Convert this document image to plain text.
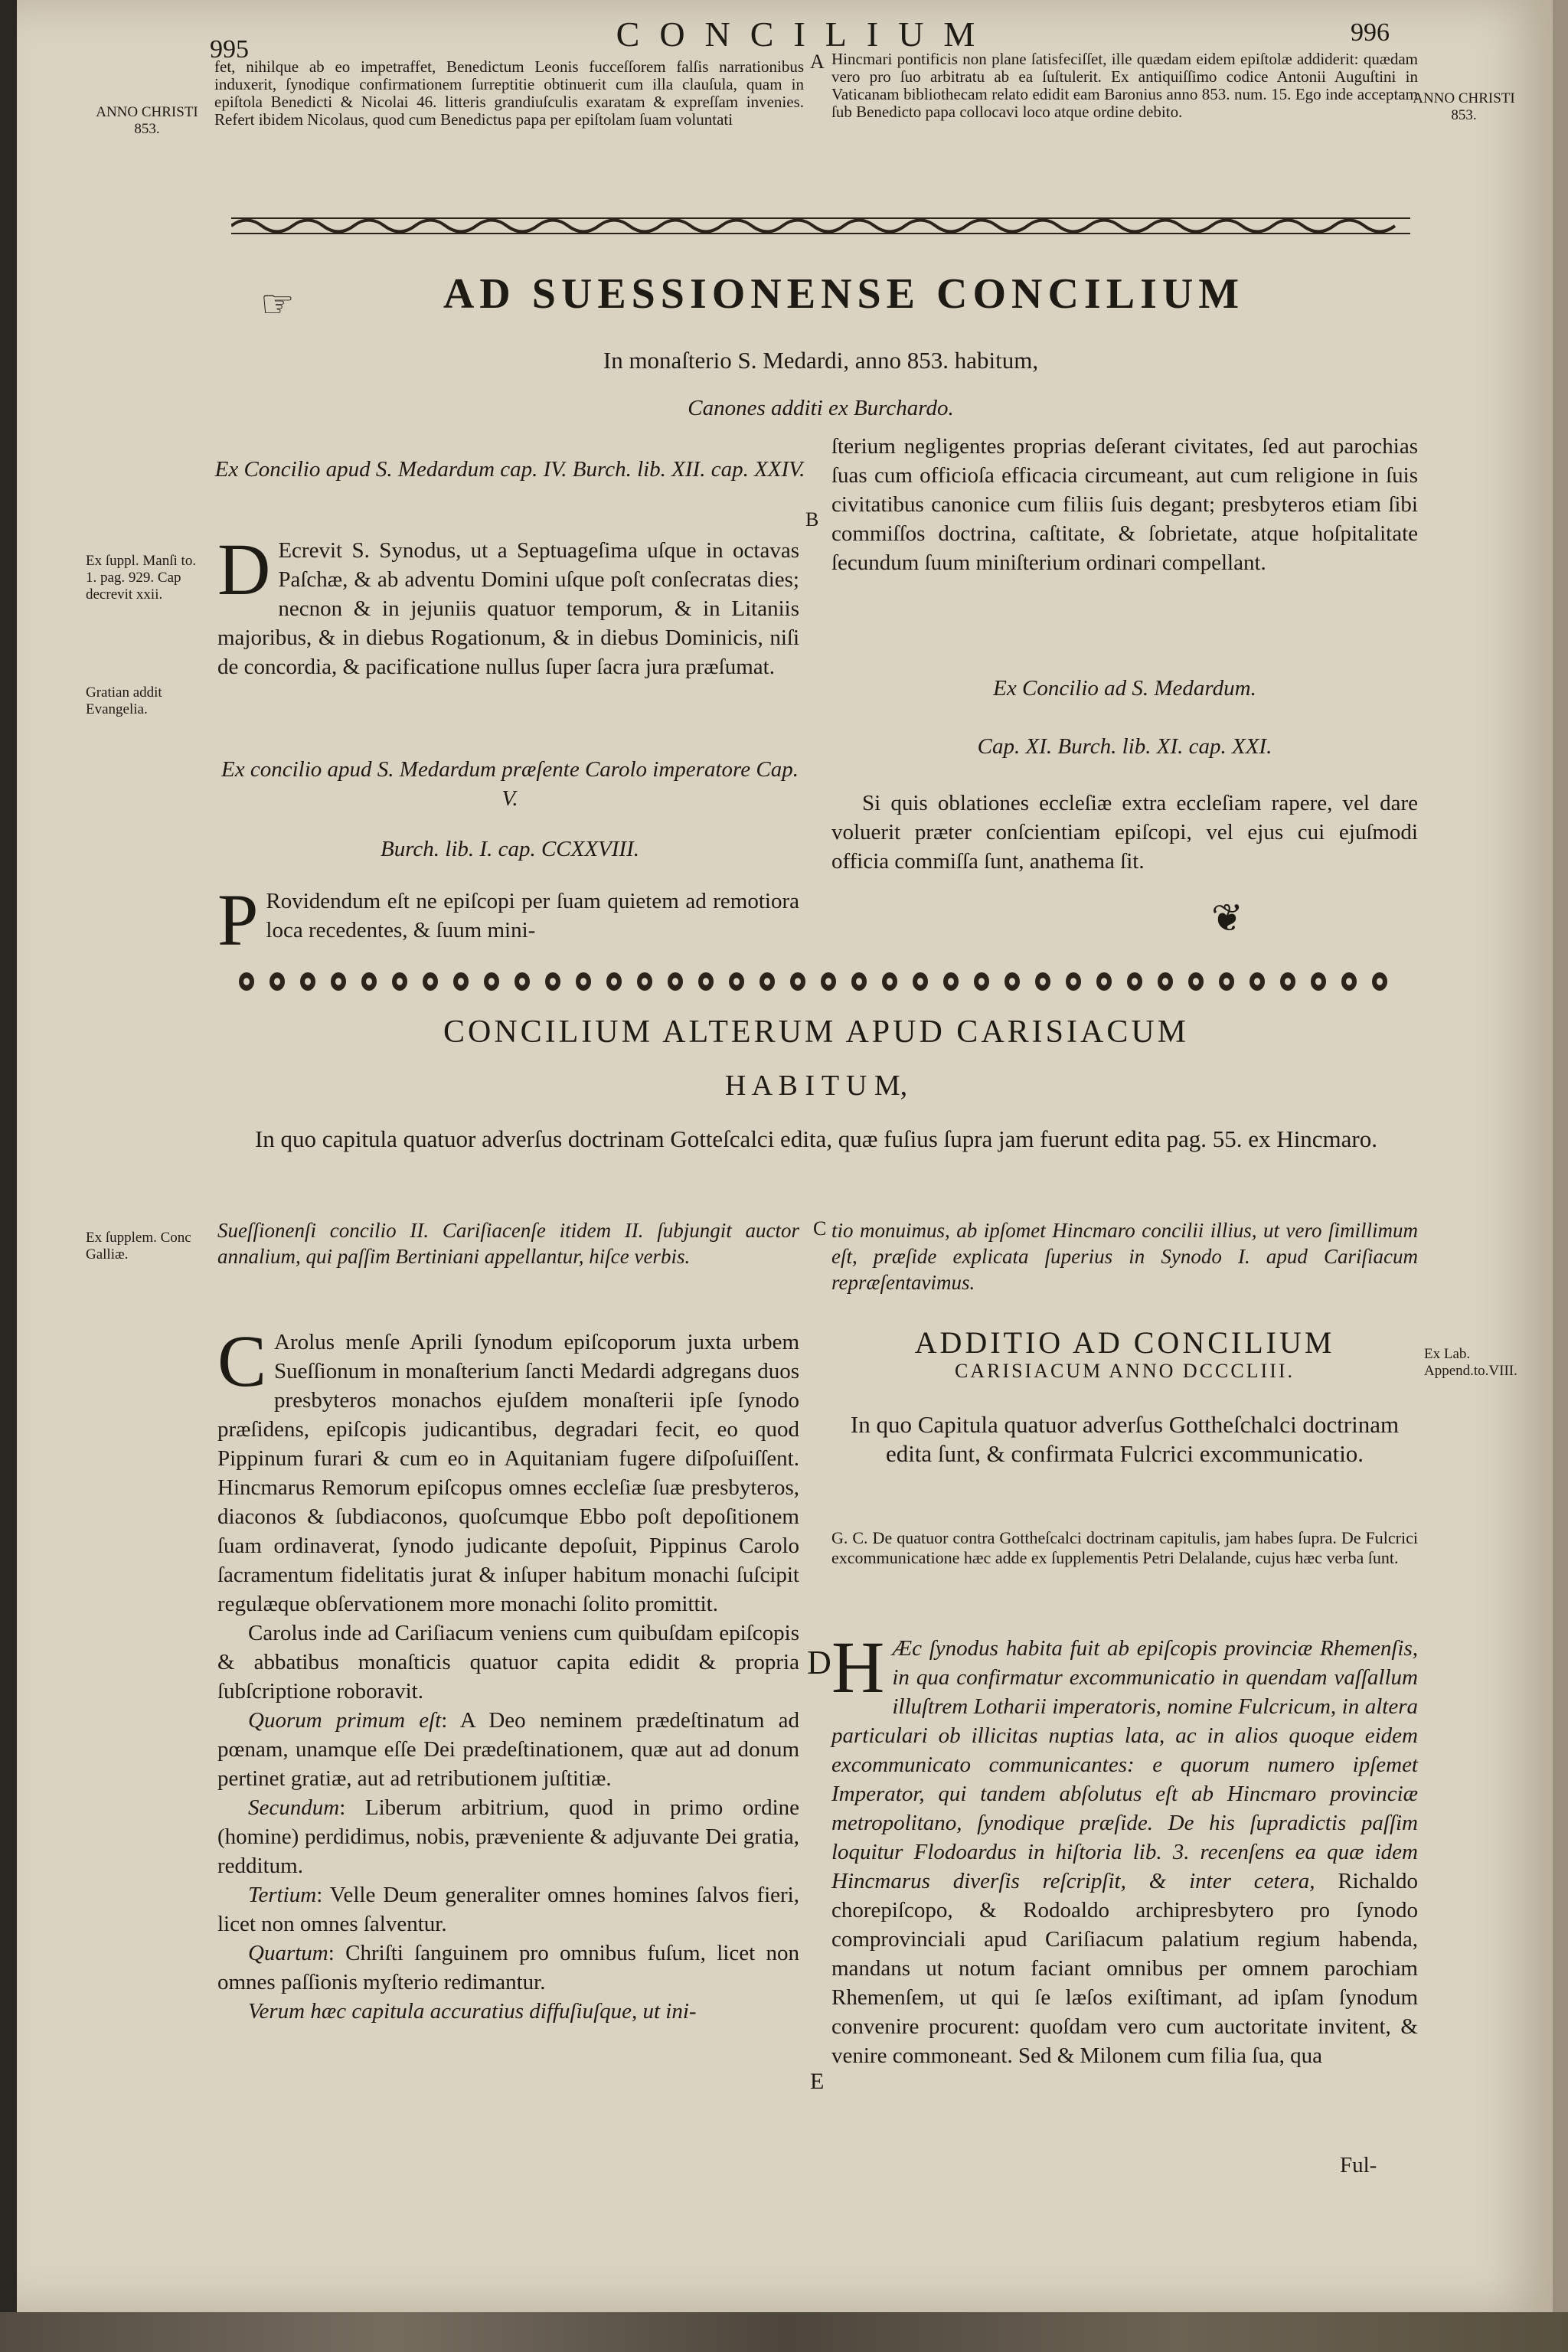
995	CONCILIUM	996
ANNO CHRISTI 853.
ANNO CHRISTI 853.
fet, nihilque ab eo impetraffet, Benedictum Leonis fucceſſorem falſis narrationibus induxerit, ſynodique confirmationem ſurreptitie obtinuerit cum illa clauſula, quam in epiſtola Benedicti & Nicolai 46. litteris grandiuſculis exaratam & expreſſam invenies. Refert ibidem Nicolaus, quod cum Benedictus papa per epiſtolam ſuam voluntati
A Hincmari pontificis non plane ſatisfeciſſet, ille quædam eidem epiſtolæ addiderit: quædam vero pro ſuo arbitratu ab ea ſuſtulerit. Ex antiquiſſimo codice Antonii Auguſtini in Vaticanam bibliothecam relato edidit eam Baronius anno 853. num. 15. Ego inde acceptam ſub Benedicto papa collocavi loco atque ordine debito.
☞	AD SUESSIONENSE CONCILIUM
In monaſterio S. Medardi, anno 853. habitum,
Canones additi ex Burchardo.
Ex Concilio apud S. Medardum cap. IV. Burch. lib. XII. cap. XXIV.
Ex ſuppl. Manſi to. 1. pag. 929. Cap decrevit xxii.
Gratian addit Evangelia.
D Ecrevit S. Synodus, ut a Septuageſima uſque in octavas Paſchæ, & ab adventu Domini uſque poſt conſecratas dies; necnon & in jejuniis quatuor temporum, & in Litaniis majoribus, & in diebus Rogationum, & in diebus Dominicis, niſi de concordia, & pacificatione nullus ſuper ſacra jura præſumat.
Ex concilio apud S. Medardum præſente Carolo imperatore Cap. V.
Burch. lib. I. cap. CCXXVIII.
P Rovidendum eſt ne epiſcopi per ſuam quietem ad remotiora loca recedentes, & ſuum mini-
B
ſterium negligentes proprias deſerant civitates, ſed aut parochias ſuas cum officioſa efficacia circumeant, aut cum religione in ſuis civitatibus canonice cum filiis ſuis degant; presbyteros etiam ſibi commiſſos doctrina, caſtitate, & ſobrietate, atque hoſpitalitate ſecundum ſuum miniſterium ordinari compellant.
Ex Concilio ad S. Medardum.
Cap. XI. Burch. lib. XI. cap. XXI.
Si quis oblationes eccleſiæ extra eccleſiam rapere, vel dare voluerit præter conſcientiam epiſcopi, vel ejus cui ejuſmodi officia commiſſa ſunt, anathema ſit.
❦
CONCILIUM ALTERUM APUD CARISIACUM
H A B I T U M,
In quo capitula quatuor adverſus doctrinam Gotteſcalci edita, quæ fuſius ſupra jam fuerunt edita pag. 55. ex Hincmaro.
Ex ſupplem. Conc Galliæ.
Sueſſionenſi concilio II. Cariſiacenſe itidem II. ſubjungit auctor annalium, qui paſſim Bertiniani appellantur, hiſce verbis.
C tio monuimus, ab ipſomet Hincmaro concilii illius, ut vero ſimillimum eſt, præſide explicata ſuperius in Synodo I. apud Cariſiacum repræſentavimus.

C Arolus menſe Aprili ſynodum epiſcoporum juxta urbem Sueſſionum in monaſterium ſancti Medardi adgregans duos presbyteros monachos ejuſdem monaſterii ipſe ſynodo præſidens, epiſcopis judicantibus, degradari fecit, eo quod Pippinum furari & cum eo in Aquitaniam fugere diſpoſuiſſent. Hincmarus Remorum epiſcopus omnes eccleſiæ ſuæ presbyteros, diaconos & ſubdiaconos, quoſcumque Ebbo poſt depoſitionem ſuam ordinaverat, ſynodo judicante depoſuit, Pippinus Carolo ſacramentum fidelitatis jurat & inſuper habitum monachi ſuſcipit regulæque obſervationem more monachi ſolito promittit.

Carolus inde ad Cariſiacum veniens cum quibuſdam epiſcopis & abbatibus monaſticis quatuor capita edidit & propria ſubſcriptione roboravit.

Quorum primum eſt: A Deo neminem prædeſtinatum ad pœnam, unamque eſſe Dei prædeſtinationem, quæ aut ad donum pertinet gratiæ, aut ad retributionem juſtitiæ.

Secundum: Liberum arbitrium, quod in primo ordine (homine) perdidimus, nobis, præveniente & adjuvante Dei gratia, redditum.

Tertium: Velle Deum generaliter omnes homines ſalvos fieri, licet non omnes ſalventur.

Quartum: Chriſti ſanguinem pro omnibus fuſum, licet non omnes paſſionis myſterio redimantur.

Verum hæc capitula accuratius diffuſiuſque, ut ini-

ADDITIO AD CONCILIUM
CARISIACUM ANNO DCCCLIII.
Ex Lab. Append.to.VIII.
In quo Capitula quatuor adverſus Gottheſchalci doctrinam edita ſunt, & confirmata Fulcrici excommunicatio.
G. C. De quatuor contra Gottheſcalci doctrinam capitulis, jam habes ſupra. De Fulcrici excommunicatione hæc adde ex ſupplementis Petri Delalande, cujus hæc verba ſunt.
D H Æc ſynodus habita fuit ab epiſcopis provinciæ Rhemenſis, in qua confirmatur excommunicatio in quendam vaſſallum illuſtrem Lotharii imperatoris, nomine Fulcricum, in altera particulari ob illicitas nuptias lata, ac in alios quoque eidem excommunicato communicantes: e quorum numero ipſemet Imperator, qui tandem abſolutus eſt ab Hincmaro provinciæ metropolitano, ſynodique præſide. De his ſupradictis paſſim loquitur Flodoardus in hiſtoria lib. 3. recenſens ea quæ idem Hincmarus diverſis reſcripſit, & inter cetera, Richaldo chorepiſcopo, & Rodoaldo archipresbytero pro ſynodo comprovinciali apud Cariſiacum palatium regium habenda, mandans ut notum faciant omnibus per omnem parochiam Rhemenſem, ut qui ſe læſos exiſtimant, ad ipſam ſynodum convenire procurent: quoſdam vero cum auctoritate invitent, & venire commoneant. Sed & Milonem cum filia ſua, qua
E
Ful-
